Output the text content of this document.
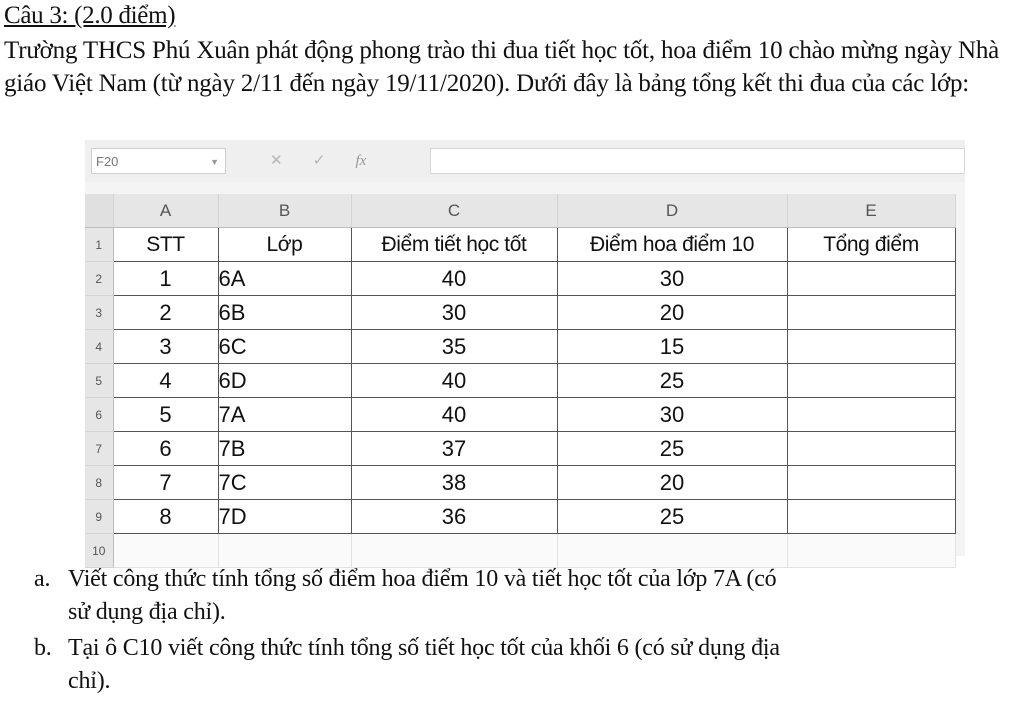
Câu 3: (2.0 điểm)
Trường THCS Phú Xuân phát động phong trào thi đua tiết học tốt, hoa điểm 10 chào mừng ngày Nhà giáo Việt Nam (từ ngày 2/11 đến ngày 19/11/2020). Dưới đây là bảng tổng kết thi đua của các lớp:
F20	▼	✕ ✓ fx
	A	B	C	D	E
1	STT	Lớp	Điểm tiết học tốt	Điểm hoa điểm 10	Tổng điểm
2	1	6A	40	30	
3	2	6B	30	20	
4	3	6C	35	15	
5	4	6D	40	25	
6	5	7A	40	30	
7	6	7B	37	25	
8	7	7C	38	20	
9	8	7D	36	25	
10					
a. Viết công thức tính tổng số điểm hoa điểm 10 và tiết học tốt của lớp 7A (có
sử dụng địa chỉ).
b. Tại ô C10 viết công thức tính tổng số tiết học tốt của khối 6 (có sử dụng địa
chỉ).
